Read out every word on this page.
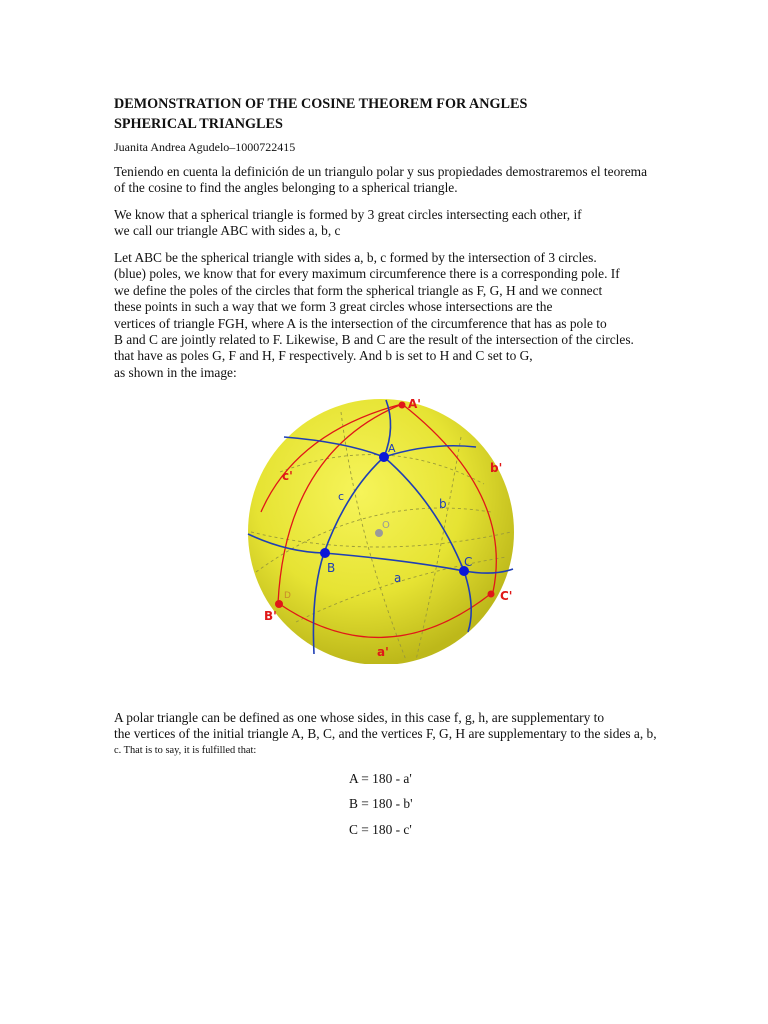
DEMONSTRATION OF THE COSINE THEOREM FOR ANGLES
SPHERICAL TRIANGLES
Juanita Andrea Agudelo–1000722415
Teniendo en cuenta la definición de un triangulo polar y sus propiedades demostraremos el teorema
of the cosine to find the angles belonging to a spherical triangle.
We know that a spherical triangle is formed by 3 great circles intersecting each other, if
we call our triangle ABC with sides a, b, c
Let ABC be the spherical triangle with sides a, b, c formed by the intersection of 3 circles.
(blue) poles, we know that for every maximum circumference there is a corresponding pole. If
we define the poles of the circles that form the spherical triangle as F, G, H and we connect
these points in such a way that we form 3 great circles whose intersections are the
vertices of triangle FGH, where A is the intersection of the circumference that has as pole to
B and C are jointly related to F. Likewise, B and C are the result of the intersection of the circles.
that have as poles G, F and H, F respectively. And b is set to H and C set to G,
as shown in the image:
O
A
B	C
a
b
c
A'
B'
C'
a'
b'
c'
D
A polar triangle can be defined as one whose sides, in this case f, g, h, are supplementary to
the vertices of the initial triangle A, B, C, and the vertices F, G, H are supplementary to the sides a, b,
c. That is to say, it is fulfilled that:
A = 180 - a'
B = 180 - b'
C = 180 - c'
